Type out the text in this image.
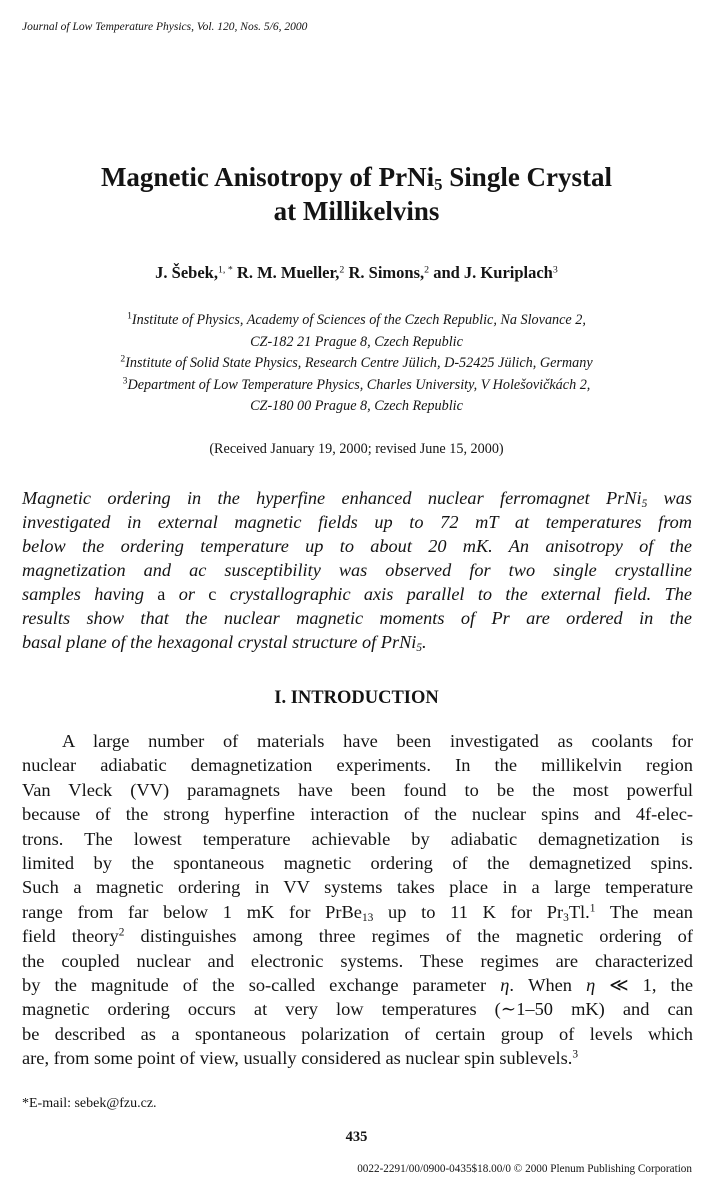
Journal of Low Temperature Physics, Vol. 120, Nos. 5/6, 2000
Magnetic Anisotropy of PrNi$_5$ Single Crystal
at Millikelvins
J. Šebek,$^{1, *}$ R. M. Mueller,$^2$ R. Simons,$^2$ and J. Kuriplach$^3$
$^1$Institute of Physics, Academy of Sciences of the Czech Republic, Na Slovance 2,
CZ-182 21 Prague 8, Czech Republic
$^2$Institute of Solid State Physics, Research Centre Jülich, D-52425 Jülich, Germany
$^3$Department of Low Temperature Physics, Charles University, V Holešovičkách 2,
CZ-180 00 Prague 8, Czech Republic
(Received January 19, 2000; revised June 15, 2000)
Magnetic ordering in the hyperfine enhanced nuclear ferromagnet PrNi$_5$ was
investigated in external magnetic fields up to 72 mT at temperatures from
below the ordering temperature up to about 20 mK. An anisotropy of the
magnetization and ac susceptibility was observed for two single crystalline
samples having a or c crystallographic axis parallel to the external field. The
results show that the nuclear magnetic moments of Pr are ordered in the
basal plane of the hexagonal crystal structure of PrNi$_5$.
I. INTRODUCTION
A large number of materials have been investigated as coolants for
nuclear adiabatic demagnetization experiments. In the millikelvin region
Van Vleck (VV) paramagnets have been found to be the most powerful
because of the strong hyperfine interaction of the nuclear spins and 4f-elec-
trons. The lowest temperature achievable by adiabatic demagnetization is
limited by the spontaneous magnetic ordering of the demagnetized spins.
Such a magnetic ordering in VV systems takes place in a large temperature
range from far below 1 mK for PrBe$_{13}$ up to 11 K for $Pr_3Tl.^1$ The mean
field theory$^2$ distinguishes among three regimes of the magnetic ordering of
the coupled nuclear and electronic systems. These regimes are characterized
by the magnitude of the so-called exchange parameter η. When η ≪ 1, the
magnetic ordering occurs at very low temperatures (∼1–50 mK) and can
be described as a spontaneous polarization of certain group of levels which
are, from some point of view, usually considered as nuclear spin sublevels.$^3$
*E-mail: sebek@fzu.cz.
435
0022-2291/00/0900-0435$18.00/0 © 2000 Plenum Publishing Corporation
